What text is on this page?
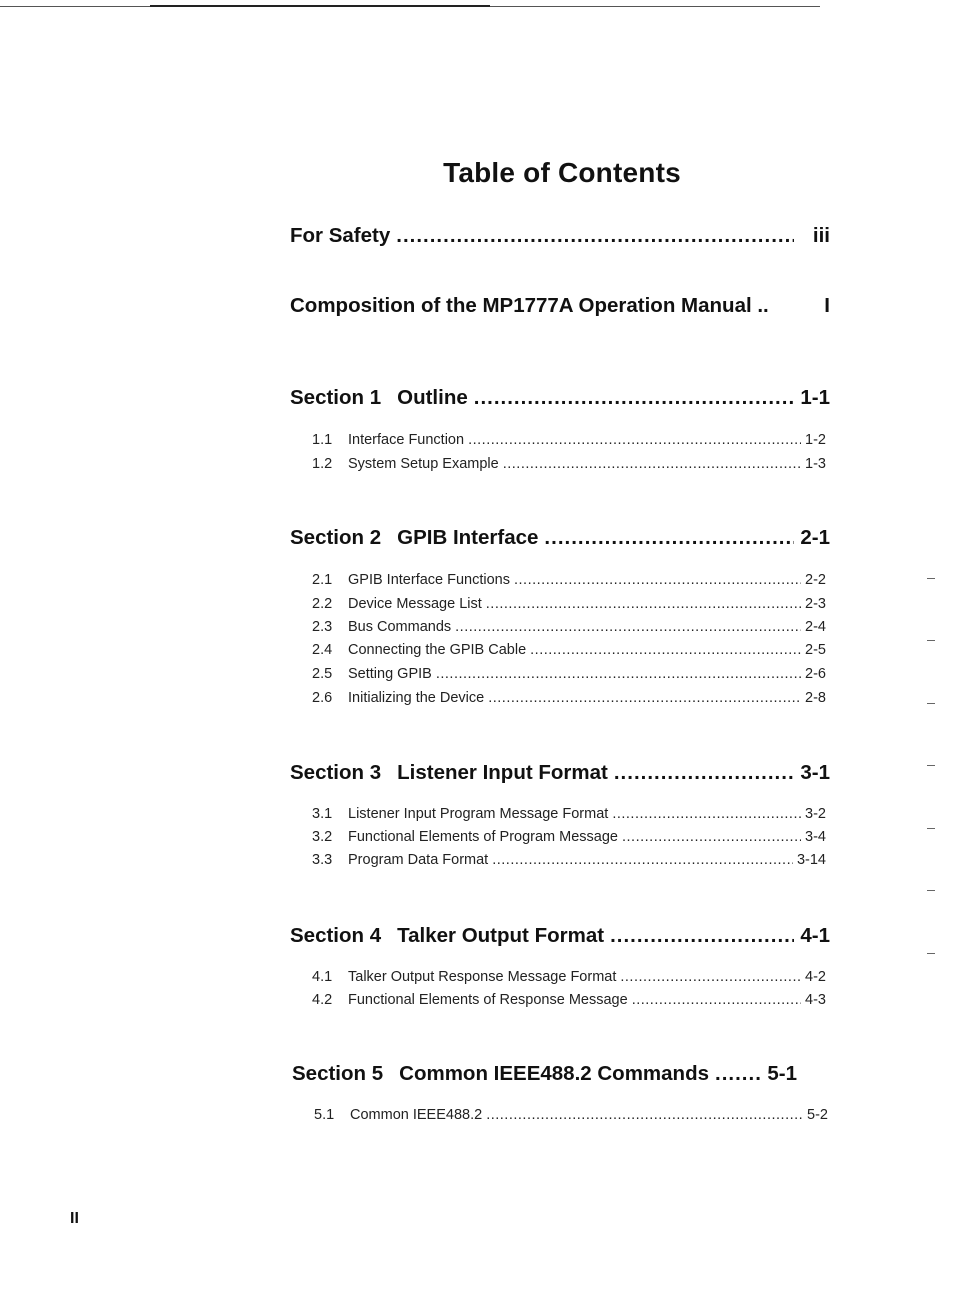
Table of Contents
For Safety .....	iii
Composition of the MP1777A Operation Manual ..	I
Section 1 Outline .....	1-1
1.1	Interface Function .....	1-2
1.2	System Setup Example .....	1-3
Section 2 GPIB Interface .....	2-1
2.1	GPIB Interface Functions .....	2-2
2.2	Device Message List .....	2-3
2.3	Bus Commands .....	2-4
2.4	Connecting the GPIB Cable .....	2-5
2.5	Setting GPIB .....	2-6
2.6	Initializing the Device .....	2-8
Section 3 Listener Input Format .....	3-1
3.1	Listener Input Program Message Format .....	3-2
3.2	Functional Elements of Program Message .....	3-4
3.3	Program Data Format .....	3-14
Section 4 Talker Output Format .....	4-1
4.1	Talker Output Response Message Format .....	4-2
4.2	Functional Elements of Response Message .....	4-3
Section 5 Common IEEE488.2 Commands .....	5-1
5.1	Common IEEE488.2 .....	5-2
II
